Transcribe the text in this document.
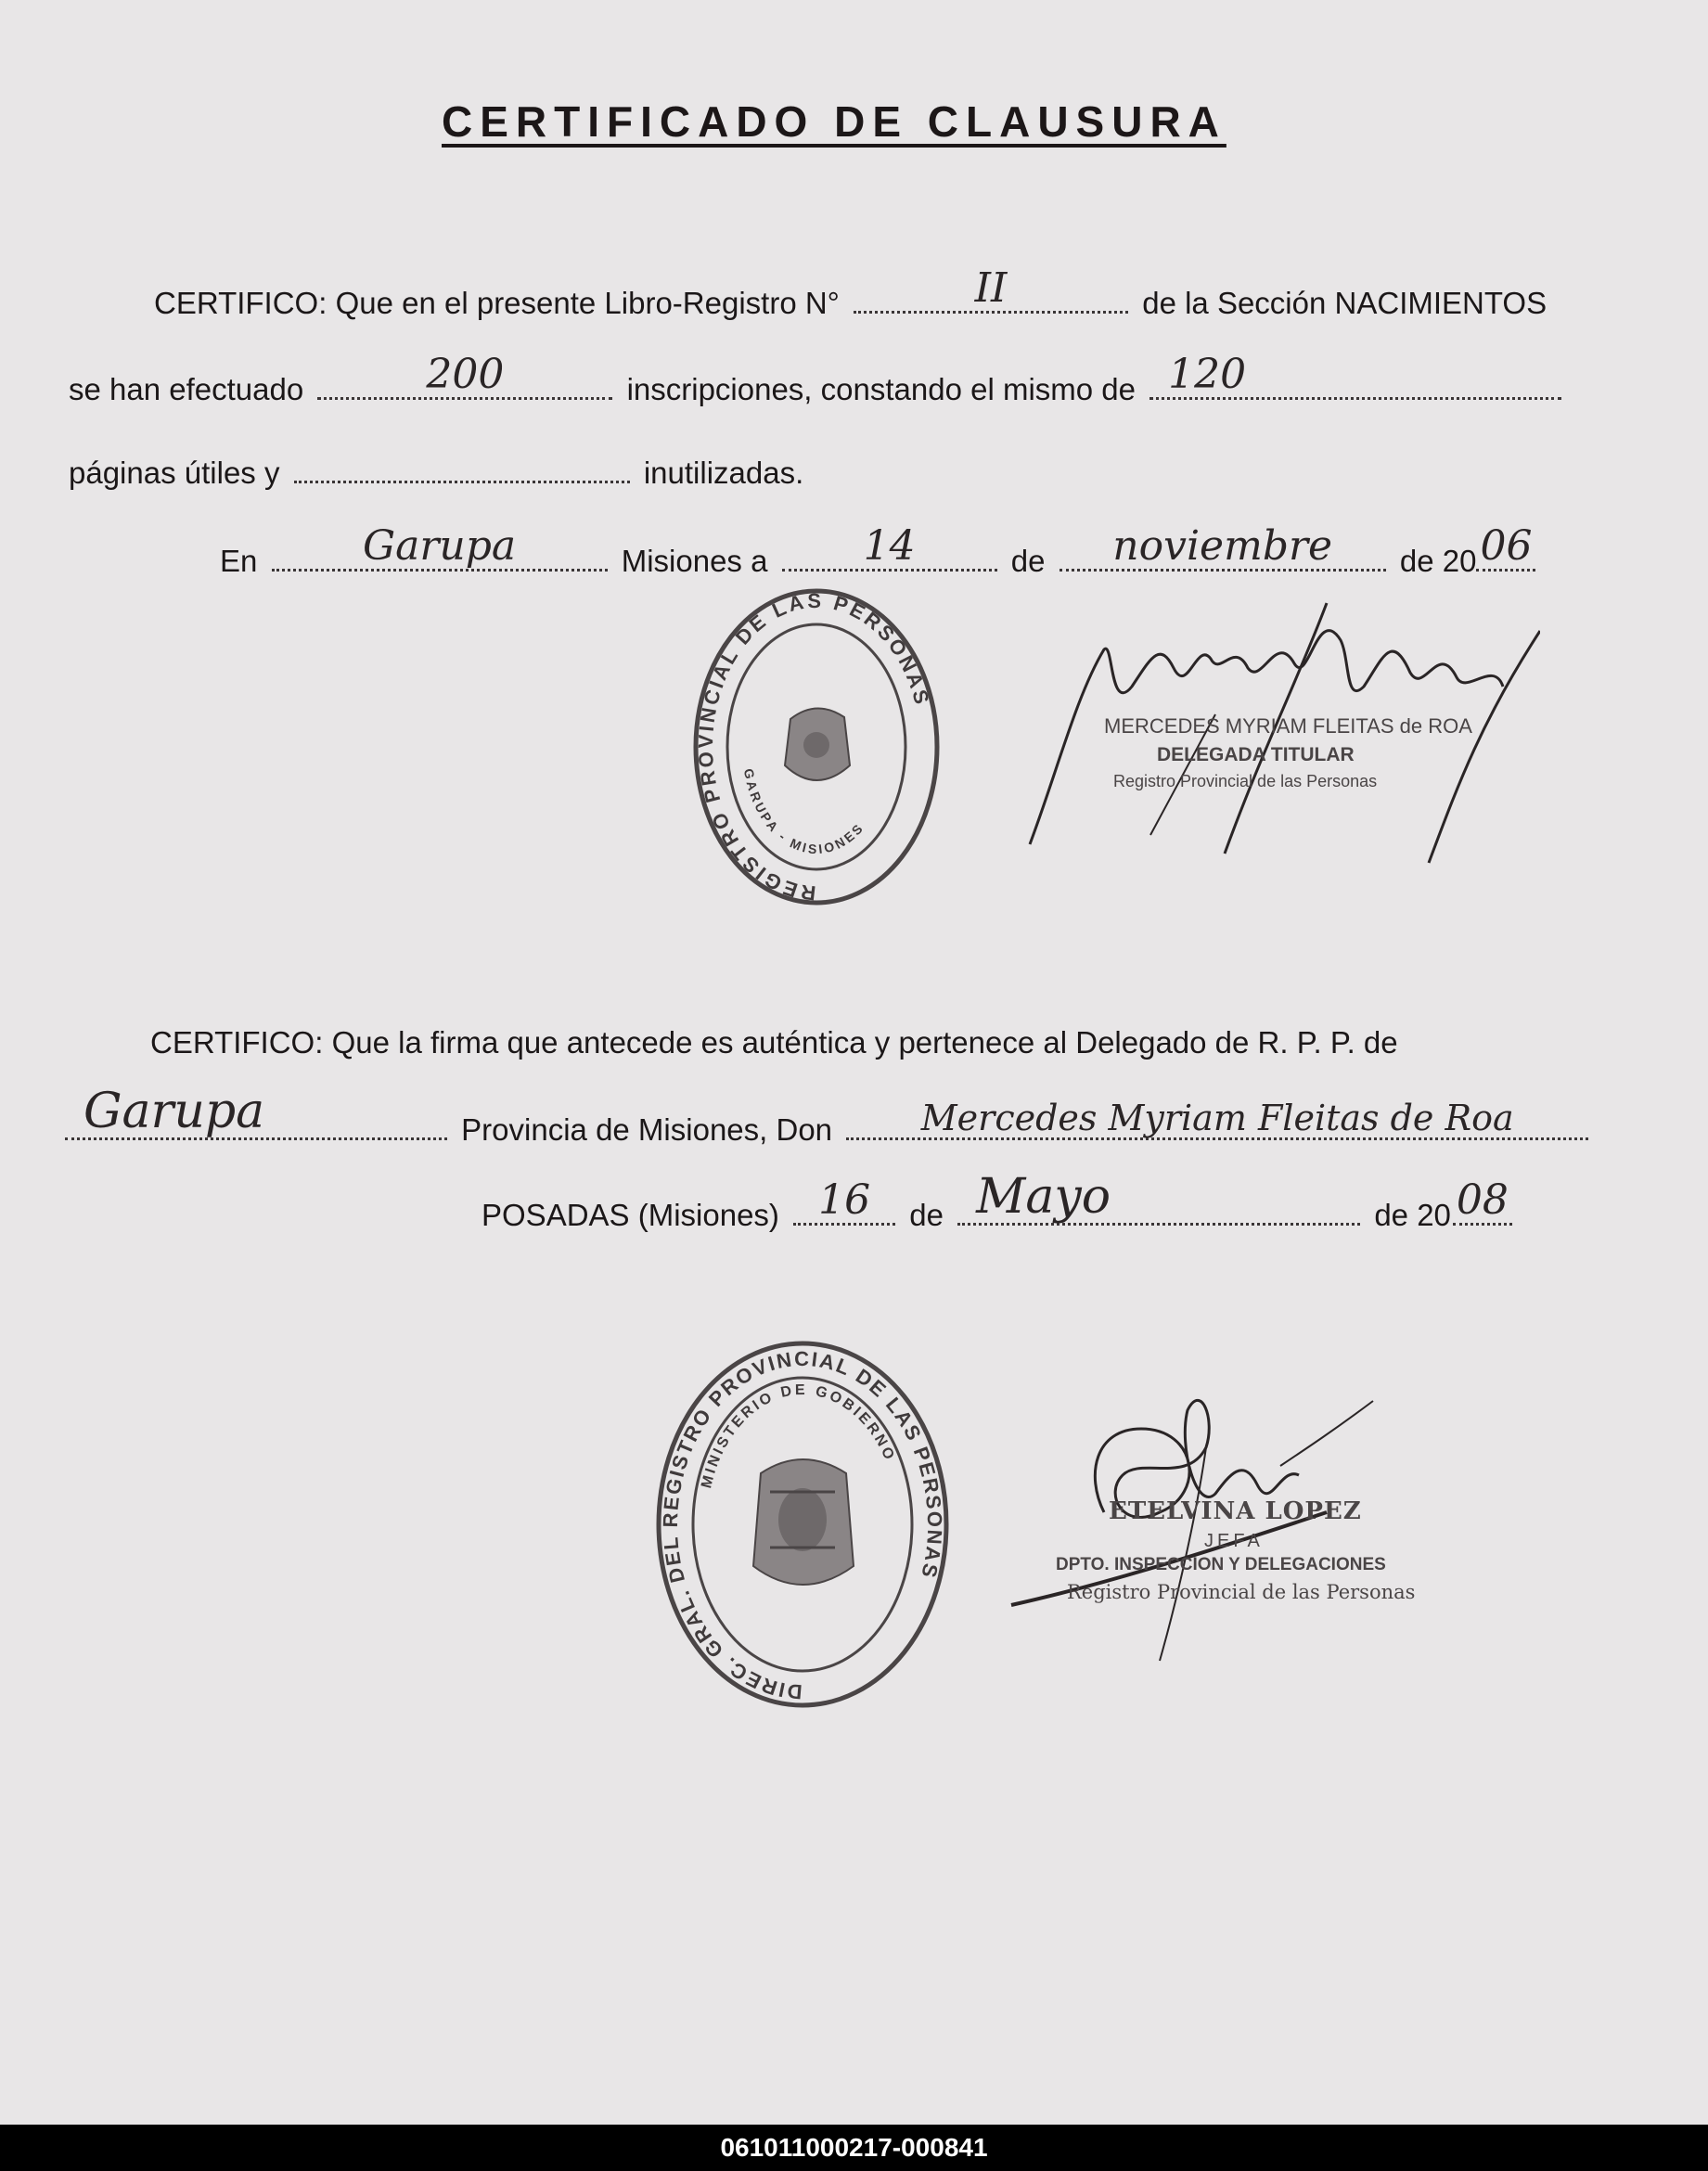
CERTIFICADO DE CLAUSURA
CERTIFICO: Que en el presente Libro-Registro N°	II	de la Sección NACIMIENTOS
se han efectuado	200	inscripciones, constando el mismo de 120
páginas útiles y	inutilizadas.
En	Garupa	Misiones a	14	de	noviembre	de 20 06
REGISTRO PROVINCIAL DE LAS PERSONAS
GARUPA - MISIONES
MERCEDES MYRIAM FLEITAS de ROA
DELEGADA TITULAR
Registro Provincial de las Personas
CERTIFICO: Que la firma que antecede es auténtica y pertenece al Delegado de R. P. P. de
Garupa	Provincia de Misiones, Don	Mercedes Myriam Fleitas de Roa
POSADAS (Misiones) 16	de Mayo	de 20 08
DIREC. GRAL. DEL REGISTRO PROVINCIAL DE LAS PERSONAS
MINISTERIO DE GOBIERNO
ETELVINA LOPEZ
JEFA
DPTO. INSPECCION Y DELEGACIONES
Registro Provincial de las Personas
061011000217-000841
